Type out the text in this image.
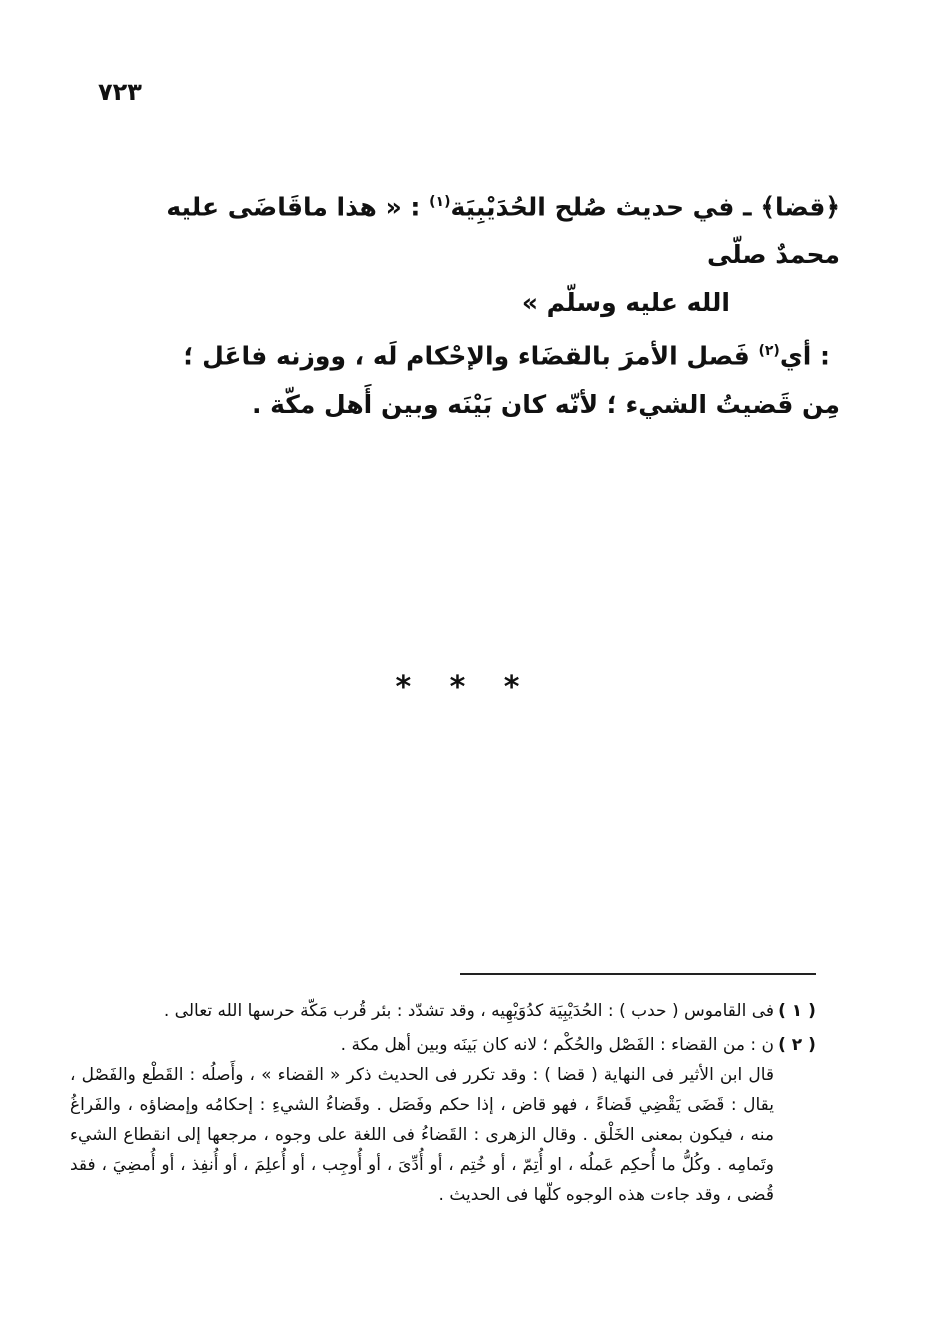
٧٢٣

﴿قضا﴾ ـ في حديث صُلح الحُدَيْبِيَة$^{(١)}$ : « هذا ماقَاضَى عليه محمدٌ صلّى

الله عليه وسلّم »

: أي$^{(٢)}$ فَصل الأمرَ بالقضَاء والإحْكام لَه ، ووزنه فاعَل ؛

مِن قَضيتُ الشيء ؛ لأنّه كان بَيْنَه وبين أَهل مكّة .

* * *
( ١ )
فى القاموس ( حدب ) : الحُدَيْبِيَة كدُوَيْهِيه ، وقد تشدّد : بئر قُرب مَكّة حرسها الله تعالى .
( ٢ )
ن : من القضاء : الفَصْل والحُكْم ؛ لانه كان بَينَه وبين أهل مكة .
قال ابن الأثير فى النهاية ( قضا ) : وقد تكرر فى الحديث ذكر « القضاء » ، وأَصلُه : القَطْع والفَصْل ، يقال : قَضَى يَقْضِي قَضاءً ، فهو قاض ، إذا حكم وفَصَل . وقَضاءُ الشيءِ : إحكامُه وإمضاؤه ، والفَراغُ منه ، فيكون بمعنى الخَلْق . وقال الزهرى : القَضاءُ فى اللغة على وجوه ، مرجعها إلى انقطاع الشيء وتَمامِه . وكُلُّ ما أُحكِم عَملُه ، او أُتِمّ ، أو خُتِم ، أو أُدِّىَ ، أو أُوجِب ، أو أُعلِمَ ، أو أُنفِذ ، أو أُمضِيَ ، فقد قُضى ، وقد جاءت هذه الوجوه كلّها فى الحديث .
